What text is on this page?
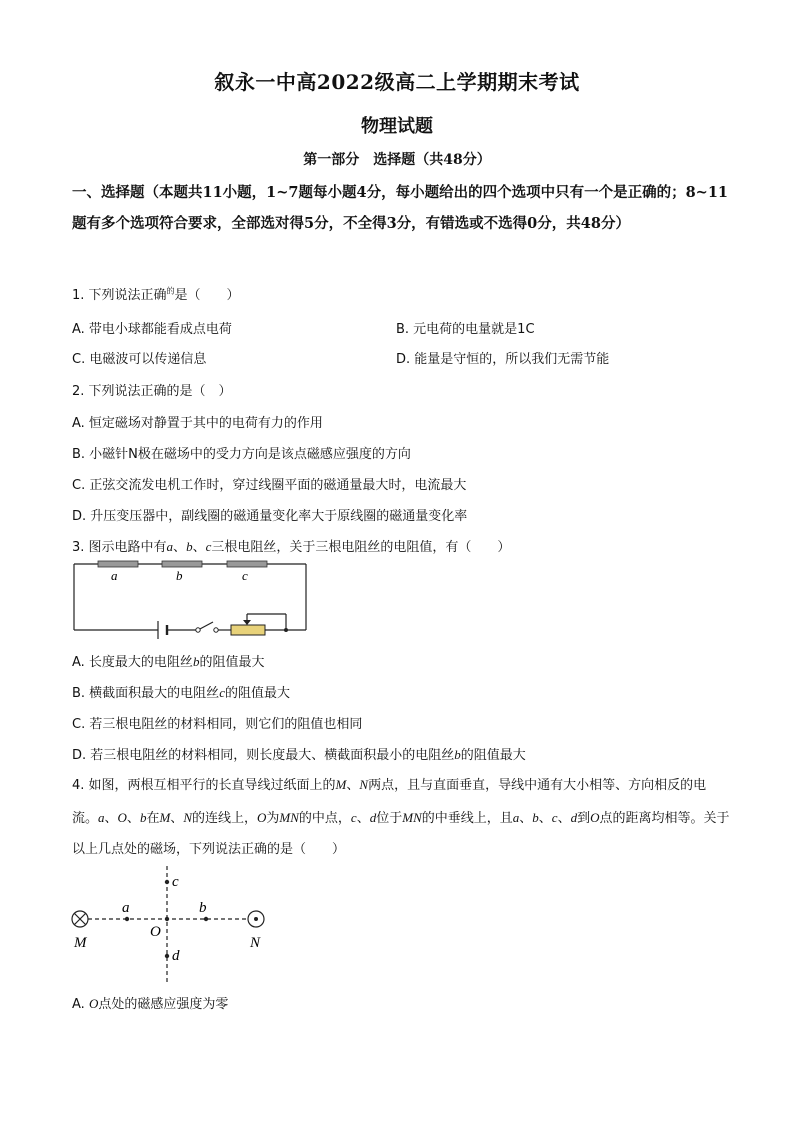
叙永一中高2022级高二上学期期末考试
物理试题
第一部分　选择题（共48分）
一、选择题（本题共11小题，1~7题每小题4分，每小题给出的四个选项中只有一个是正确的；8~11题有多个选项符合要求，全部选对得5分，不全得3分，有错选或不选得0分，共48分）
1. 下列说法正确$^的$是（　　）
A. 带电小球都能看成点电荷	B. 元电荷的电量就是1C
C. 电磁波可以传递信息	D. 能量是守恒的，所以我们无需节能
2. 下列说法正确的是（　）
A. 恒定磁场对静置于其中的电荷有力的作用
B. 小磁针N极在磁场中的受力方向是该点磁感应强度的方向
C. 正弦交流发电机工作时，穿过线圈平面的磁通量最大时，电流最大
D. 升压变压器中，副线圈的磁通量变化率大于原线圈的磁通量变化率
3. 图示电路中有a、b、c三根电阻丝，关于三根电阻丝的电阻值，有（　　）
a	b	c
A. 长度最大的电阻丝b的阻值最大
B. 横截面积最大的电阻丝c的阻值最大
C. 若三根电阻丝的材料相同，则它们的阻值也相同
D. 若三根电阻丝的材料相同，则长度最大、横截面积最小的电阻丝b的阻值最大
4. 如图，两根互相平行的长直导线过纸面上的M、N两点，且与直面垂直，导线中通有大小相等、方向相反的电流。a、O、b在M、N的连线上，O为MN的中点，c、d位于MN的中垂线上，且a、b、c、d到O点的距离均相等。关于以上几点处的磁场，下列说法正确的是（　　）
M	N
O
a	b
c
d
A. O点处的磁感应强度为零
